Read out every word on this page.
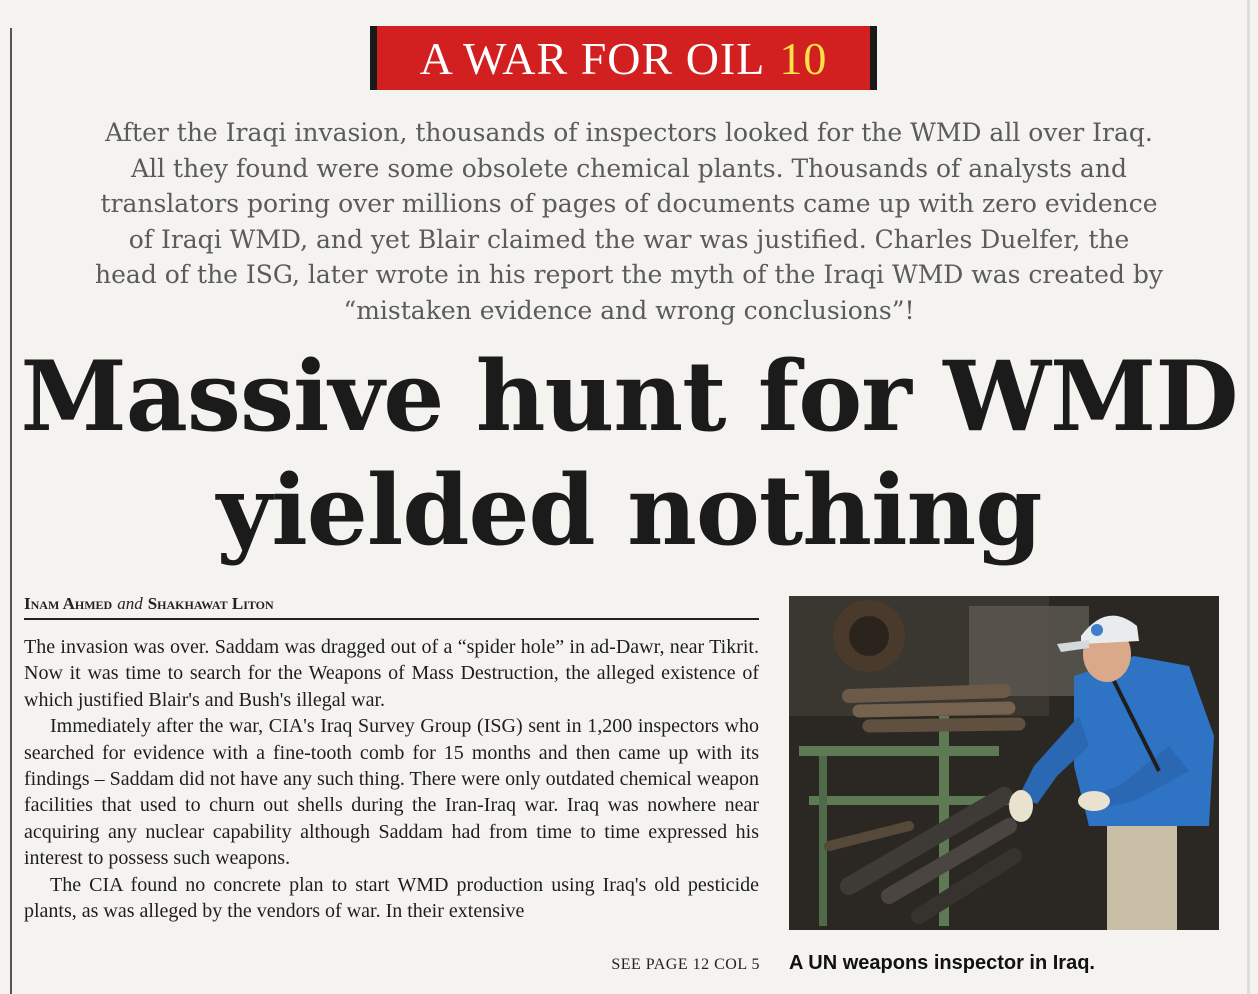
A WAR FOR OIL 10
After the Iraqi invasion, thousands of inspectors looked for the WMD all over Iraq.
All they found were some obsolete chemical plants. Thousands of analysts and
translators poring over millions of pages of documents came up with zero evidence
of Iraqi WMD, and yet Blair claimed the war was justified. Charles Duelfer, the
head of the ISG, later wrote in his report the myth of the Iraqi WMD was created by
“mistaken evidence and wrong conclusions”!
Massive hunt for WMD
yielded nothing
Inam Ahmed and Shakhawat Liton

The invasion was over. Saddam was dragged out of a “spider hole” in ad-Dawr, near Tikrit. Now it was time to search for the Weapons of Mass Destruction, the alleged existence of which justified Blair's and Bush's illegal war.

Immediately after the war, CIA's Iraq Survey Group (ISG) sent in 1,200 inspectors who searched for evidence with a fine-tooth comb for 15 months and then came up with its findings – Saddam did not have any such thing. There were only outdated chemical weapon facilities that used to churn out shells during the Iran-Iraq war. Iraq was nowhere near acquiring any nuclear capability although Saddam had from time to time expressed his interest to possess such weapons.

The CIA found no concrete plan to start WMD production using Iraq's old pesticide plants, as was alleged by the vendors of war. In their extensive

SEE PAGE 12 COL 5 A UN weapons inspector in Iraq.
